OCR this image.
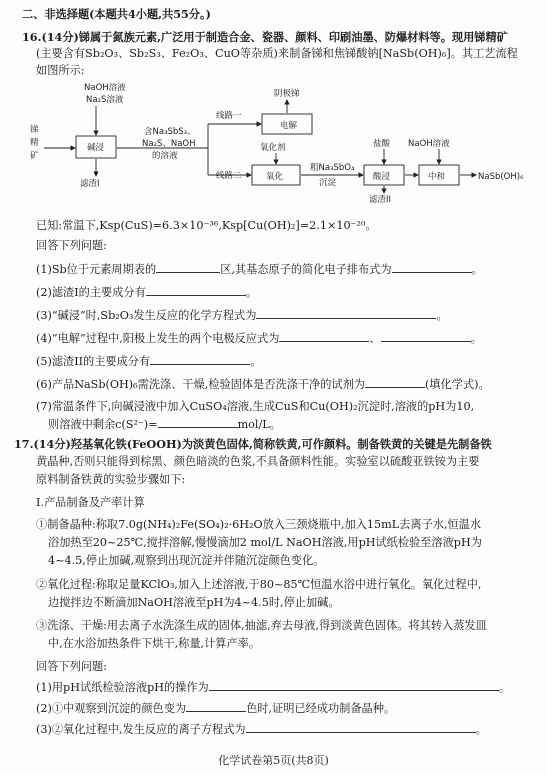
二、非选择题(本题共4小题,共55分。)
16.(14分)锑属于氮族元素,广泛用于制造合金、瓷器、颜料、印刷油墨、防爆材料等。现用锑精矿
(主要含有Sb₂O₃、Sb₂S₃、Fe₂O₃、CuO等杂质)来制备锑和焦锑酸钠[NaSb(OH)₆]。其工艺流程
如图所示:
锑
精
矿
NaOH溶液
Na₂S溶液
碱浸
滤渣I
含Na₃SbS₃、
Na₂S、NaOH
的溶液
线路一
线路二
阴极锑
电解
氧化剂
氧化
粗Na₃SbO₄
沉淀
盐酸
酸浸
滤渣II
NaOH溶液
中和	NaSb(OH)₆
已知:常温下,Ksp(CuS)=6.3×10⁻³⁶,Ksp[Cu(OH)₂]=2.1×10⁻²⁰。
回答下列问题:
(1)Sb位于元素周期表的	区,其基态原子的简化电子排布式为	。
(2)滤渣I的主要成分有	。
(3)“碱浸”时,Sb₂O₃发生反应的化学方程式为	。
(4)“电解”过程中,阳极上发生的两个电极反应式为	、	。
(5)滤渣II的主要成分有	。
(6)产品NaSb(OH)₆需洗涤、干燥,检验固体是否洗涤干净的试剂为	(填化学式)。
(7)常温条件下,向碱浸液中加入CuSO₄溶液,生成CuS和Cu(OH)₂沉淀时,溶液的pH为10,
则溶液中剩余c(S²⁻)=	mol/L。
17.(14分)羟基氧化铁(FeOOH)为淡黄色固体,简称铁黄,可作颜料。制备铁黄的关键是先制备铁
黄晶种,否则只能得到棕黑、颜色暗淡的色浆,不具备颜料性能。实验室以硫酸亚铁铵为主要
原料制备铁黄的实验步骤如下:
I.产品制备及产率计算
①制备晶种:称取7.0g(NH₄)₂Fe(SO₄)₂·6H₂O放入三颈烧瓶中,加入15mL去离子水,恒温水
浴加热至20~25℃,搅拌溶解,慢慢滴加2 mol/L NaOH溶液,用pH试纸检验至溶液pH为
4~4.5,停止加碱,观察到出现沉淀并伴随沉淀颜色变化。
②氧化过程:称取足量KClO₃,加入上述溶液,于80~85℃恒温水浴中进行氧化。氧化过程中,
边搅拌边不断滴加NaOH溶液至pH为4~4.5时,停止加碱。
③洗涤、干燥:用去离子水洗涤生成的固体,抽滤,弃去母液,得到淡黄色固体。将其转入蒸发皿
中,在水浴加热条件下烘干,称量,计算产率。
回答下列问题:
(1)用pH试纸检验溶液pH的操作为	。
(2)①中观察到沉淀的颜色变为	色时,证明已经成功制备晶种。
(3)②氧化过程中,发生反应的离子方程式为	。
化学试卷第5页(共8页)
